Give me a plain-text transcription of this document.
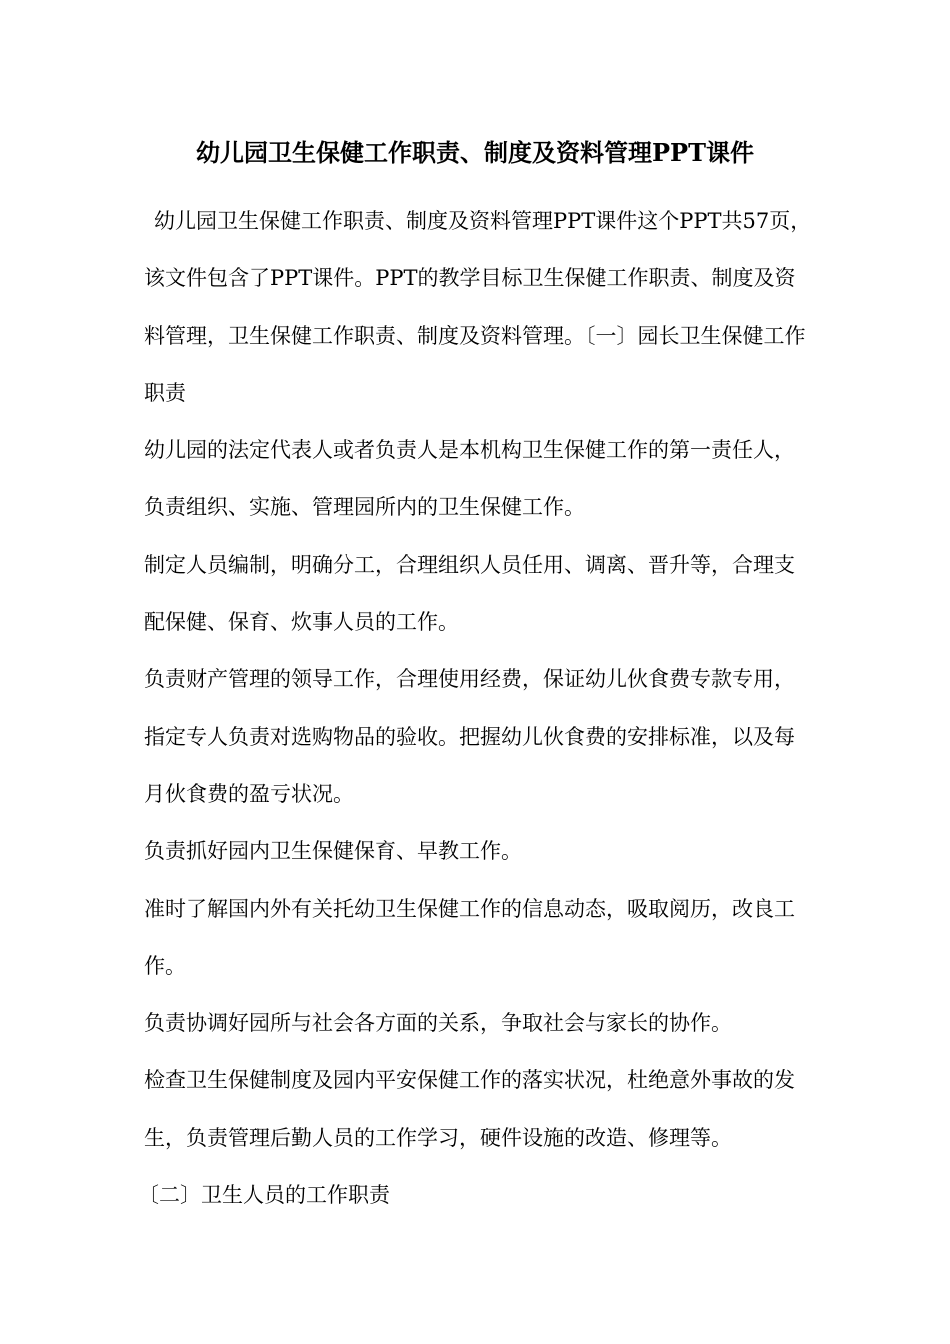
幼儿园卫生保健工作职责、制度及资料管理PPT课件

幼儿园卫生保健工作职责、制度及资料管理PPT课件这个PPT共57页，该文件包含了PPT课件。PPT的教学目标卫生保健工作职责、制度及资料管理，卫生保健工作职责、制度及资料管理。〔一〕园长卫生保健工作职责

幼儿园的法定代表人或者负责人是本机构卫生保健工作的第一责任人，负责组织、实施、管理园所内的卫生保健工作。

制定人员编制，明确分工，合理组织人员任用、调离、晋升等，合理支配保健、保育、炊事人员的工作。

负责财产管理的领导工作，合理使用经费，保证幼儿伙食费专款专用，指定专人负责对选购物品的验收。把握幼儿伙食费的安排标准，以及每月伙食费的盈亏状况。

负责抓好园内卫生保健保育、早教工作。

准时了解国内外有关托幼卫生保健工作的信息动态，吸取阅历，改良工作。

负责协调好园所与社会各方面的关系，争取社会与家长的协作。

检查卫生保健制度及园内平安保健工作的落实状况，杜绝意外事故的发生，负责管理后勤人员的工作学习，硬件设施的改造、修理等。

〔二〕卫生人员的工作职责
